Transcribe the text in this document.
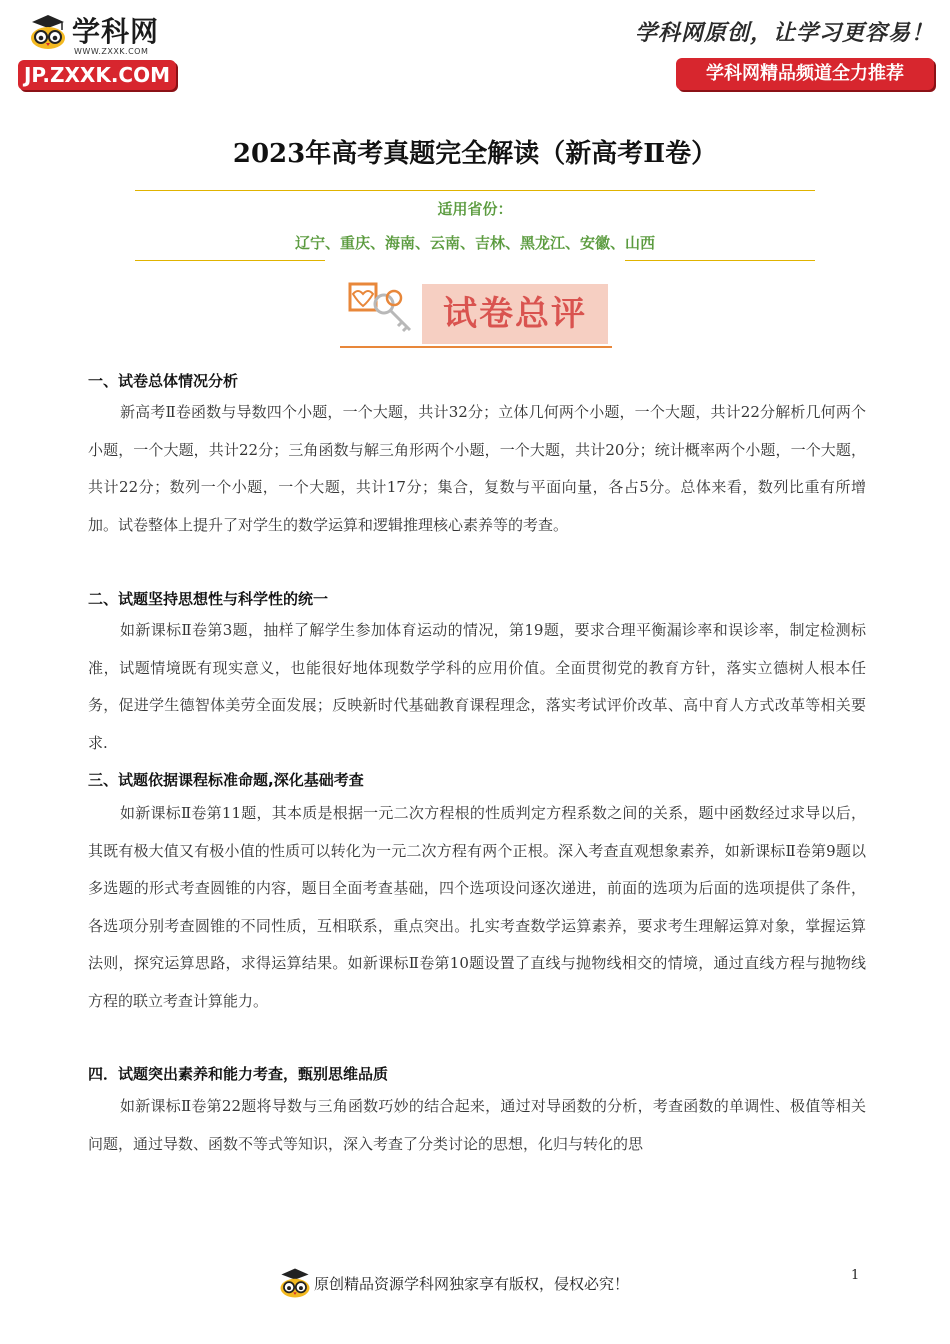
学科网
WWW.ZXXK.COM
JP.ZXXK.COM
学科网原创，让学习更容易！
学科网精品频道全力推荐
2023年高考真题完全解读（新高考Ⅱ卷）
适用省份：
辽宁、重庆、海南、云南、吉林、黑龙江、安徽、山西
试卷总评

一、试卷总体情况分析

新高考Ⅱ卷函数与导数四个小题，一个大题，共计32分；立体几何两个小题，一个大题，共计22分解析几何两个小题，一个大题，共计22分；三角函数与解三角形两个小题，一个大题，共计20分；统计概率两个小题，一个大题，共计22分；数列一个小题，一个大题，共计17分；集合，复数与平面向量，各占5分。总体来看，数列比重有所增加。试卷整体上提升了对学生的数学运算和逻辑推理核心素养等的考查。

二、试题坚持思想性与科学性的统一

如新课标Ⅱ卷第3题，抽样了解学生参加体育运动的情况，第19题，要求合理平衡漏诊率和误诊率，制定检测标准，试题情境既有现实意义，也能很好地体现数学学科的应用价值。全面贯彻党的教育方针，落实立德树人根本任务，促进学生德智体美劳全面发展；反映新时代基础教育课程理念，落实考试评价改革、高中育人方式改革等相关要求.

三、试题依据课程标准命题,深化基础考查

如新课标Ⅱ卷第11题，其本质是根据一元二次方程根的性质判定方程系数之间的关系，题中函数经过求导以后，其既有极大值又有极小值的性质可以转化为一元二次方程有两个正根。深入考查直观想象素养，如新课标Ⅱ卷第9题以多选题的形式考查圆锥的内容，题目全面考查基础，四个选项设问逐次递进，前面的选项为后面的选项提供了条件，各选项分别考查圆锥的不同性质，互相联系，重点突出。扎实考查数学运算素养，要求考生理解运算对象，掌握运算法则，探究运算思路，求得运算结果。如新课标Ⅱ卷第10题设置了直线与抛物线相交的情境，通过直线方程与抛物线方程的联立考查计算能力。

四．试题突出素养和能力考查，甄别思维品质

如新课标Ⅱ卷第22题将导数与三角函数巧妙的结合起来，通过对导函数的分析，考查函数的单调性、极值等相关问题，通过导数、函数不等式等知识，深入考查了分类讨论的思想，化归与转化的思

1
原创精品资源学科网独家享有版权，侵权必究！
